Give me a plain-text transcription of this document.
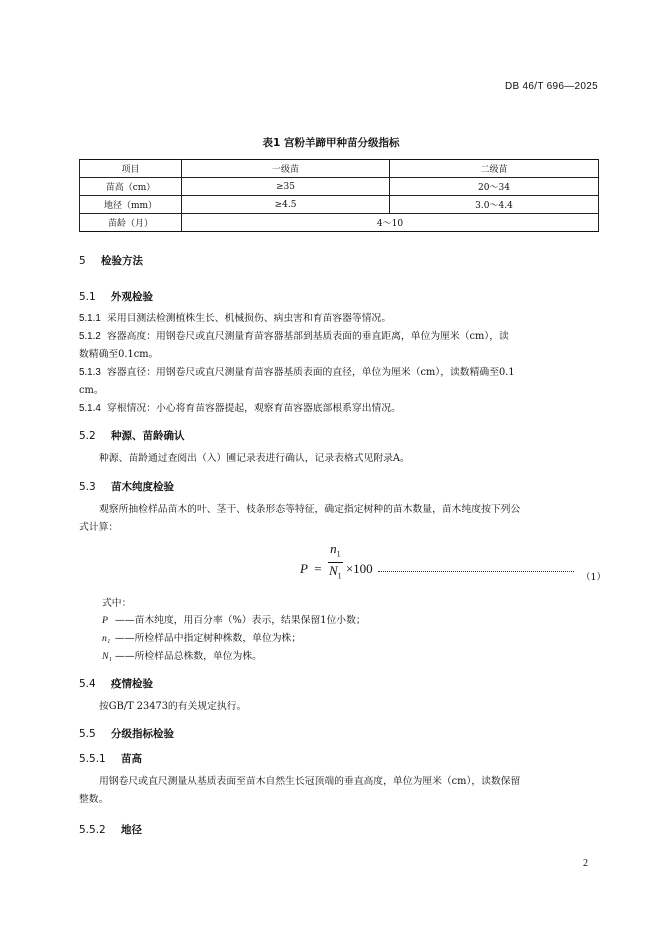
DB 46/T 696—2025
表1 宫粉羊蹄甲种苗分级指标
项目	一级苗	二级苗
苗高（cm）	≥35	20～34
地径（mm）	≥4.5	3.0～4.4
苗龄（月）	4～10	
5 检验方法
5.1 外观检验
5.1.1 采用目测法检测植株生长、机械损伤、病虫害和育苗容器等情况。
5.1.2 容器高度：用钢卷尺或直尺测量育苗容器基部到基质表面的垂直距离，单位为厘米（cm），读
数精确至0.1cm。
5.1.3 容器直径：用钢卷尺或直尺测量育苗容器基质表面的直径，单位为厘米（cm），读数精确至0.1
cm。
5.1.4 穿根情况：小心将育苗容器提起，观察育苗容器底部根系穿出情况。
5.2 种源、苗龄确认
种源、苗龄通过查阅出（入）圃记录表进行确认，记录表格式见附录A。
5.3 苗木纯度检验
观察所抽检样品苗木的叶、茎干、枝条形态等特征，确定指定树种的苗木数量，苗木纯度按下列公
式计算：
$P = \frac{n_1}{N_1} \times 100$
（1）
式中：
P ——苗木纯度，用百分率（%）表示，结果保留1位小数；
n₁ ——所检样品中指定树种株数，单位为株；
N₁ ——所检样品总株数，单位为株。
5.4 疫情检验
按GB/T 23473的有关规定执行。
5.5 分级指标检验
5.5.1 苗高
用钢卷尺或直尺测量从基质表面至苗木自然生长冠顶端的垂直高度，单位为厘米（cm），读数保留
整数。
5.5.2 地径
2
